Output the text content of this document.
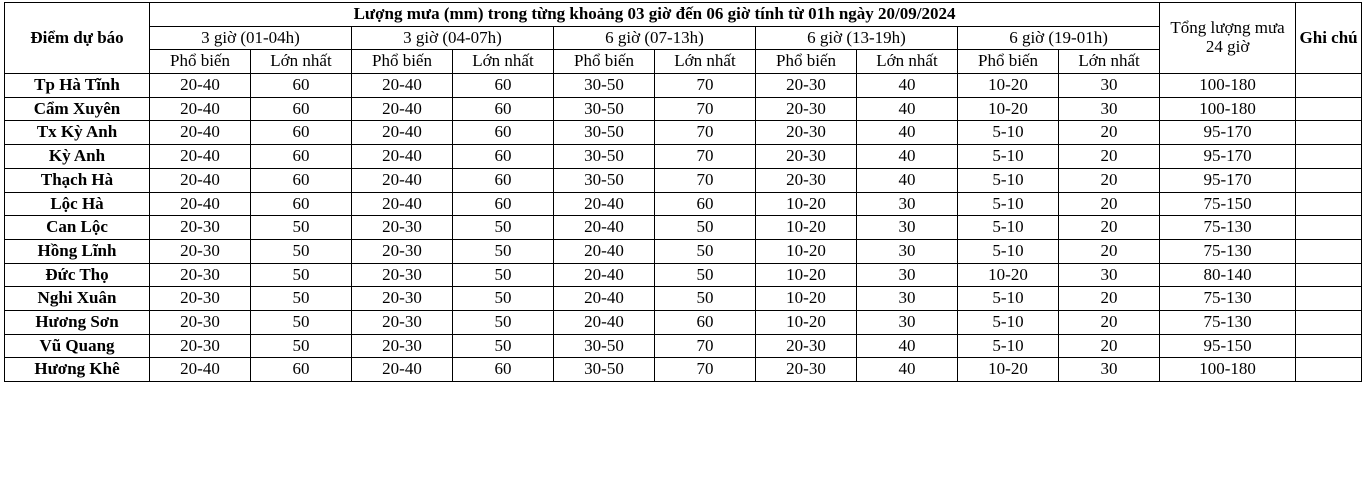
Điểm dự báo	Lượng mưa (mm) trong từng khoảng 03 giờ đến 06 giờ tính từ 01h ngày 20/09/2024										Tổng lượng mưa 24 giờ	Ghi chú
	3 giờ (01-04h)		3 giờ (04-07h)		6 giờ (07-13h)		6 giờ (13-19h)		6 giờ (19-01h)			
	Phổ biến	Lớn nhất	Phổ biến	Lớn nhất	Phổ biến	Lớn nhất	Phổ biến	Lớn nhất	Phổ biến	Lớn nhất		
Tp Hà Tĩnh	20-40	60	20-40	60	30-50	70	20-30	40	10-20	30	100-180	
Cẩm Xuyên	20-40	60	20-40	60	30-50	70	20-30	40	10-20	30	100-180	
Tx Kỳ Anh	20-40	60	20-40	60	30-50	70	20-30	40	5-10	20	95-170	
Kỳ Anh	20-40	60	20-40	60	30-50	70	20-30	40	5-10	20	95-170	
Thạch Hà	20-40	60	20-40	60	30-50	70	20-30	40	5-10	20	95-170	
Lộc Hà	20-40	60	20-40	60	20-40	60	10-20	30	5-10	20	75-150	
Can Lộc	20-30	50	20-30	50	20-40	50	10-20	30	5-10	20	75-130	
Hồng Lĩnh	20-30	50	20-30	50	20-40	50	10-20	30	5-10	20	75-130	
Đức Thọ	20-30	50	20-30	50	20-40	50	10-20	30	10-20	30	80-140	
Nghi Xuân	20-30	50	20-30	50	20-40	50	10-20	30	5-10	20	75-130	
Hương Sơn	20-30	50	20-30	50	20-40	60	10-20	30	5-10	20	75-130	
Vũ Quang	20-30	50	20-30	50	30-50	70	20-30	40	5-10	20	95-150	
Hương Khê	20-40	60	20-40	60	30-50	70	20-30	40	10-20	30	100-180	
